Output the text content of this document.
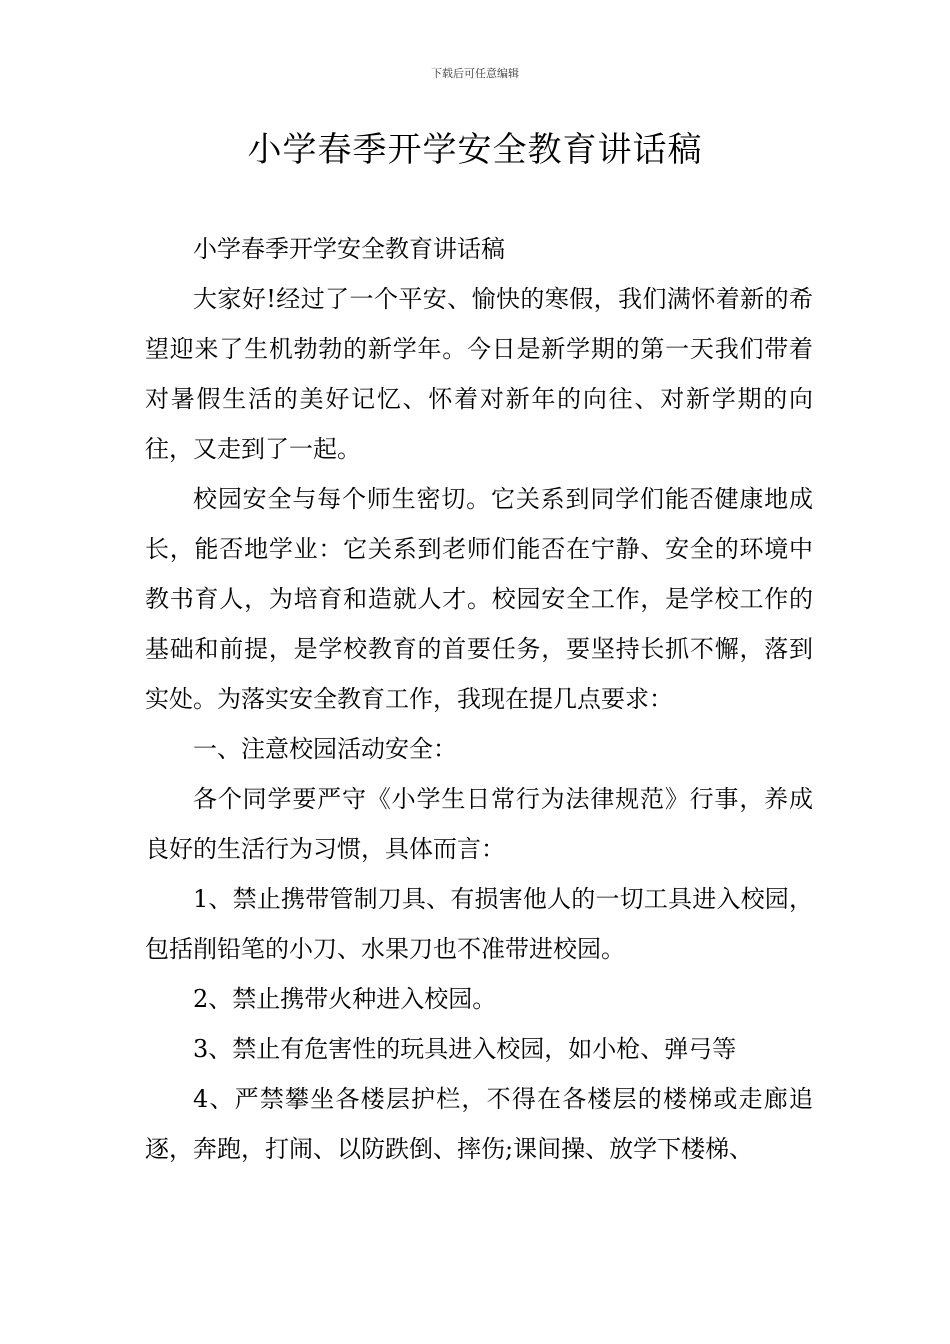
下载后可任意编辑
小学春季开学安全教育讲话稿

小学春季开学安全教育讲话稿

大家好!经过了一个平安、愉快的寒假，我们满怀着新的希望迎来了生机勃勃的新学年。今日是新学期的第一天我们带着对暑假生活的美好记忆、怀着对新年的向往、对新学期的向往，又走到了一起。

校园安全与每个师生密切。它关系到同学们能否健康地成长，能否地学业：它关系到老师们能否在宁静、安全的环境中教书育人，为培育和造就人才。校园安全工作，是学校工作的基础和前提，是学校教育的首要任务，要坚持长抓不懈，落到实处。为落实安全教育工作，我现在提几点要求：

一、注意校园活动安全：

各个同学要严守《小学生日常行为法律规范》行事，养成良好的生活行为习惯，具体而言：

1、禁止携带管制刀具、有损害他人的一切工具进入校园，包括削铅笔的小刀、水果刀也不准带进校园。

2、禁止携带火种进入校园。

3、禁止有危害性的玩具进入校园，如小枪、弹弓等

4、严禁攀坐各楼层护栏，不得在各楼层的楼梯或走廊追逐，奔跑，打闹、以防跌倒、摔伤;课间操、放学下楼梯、
